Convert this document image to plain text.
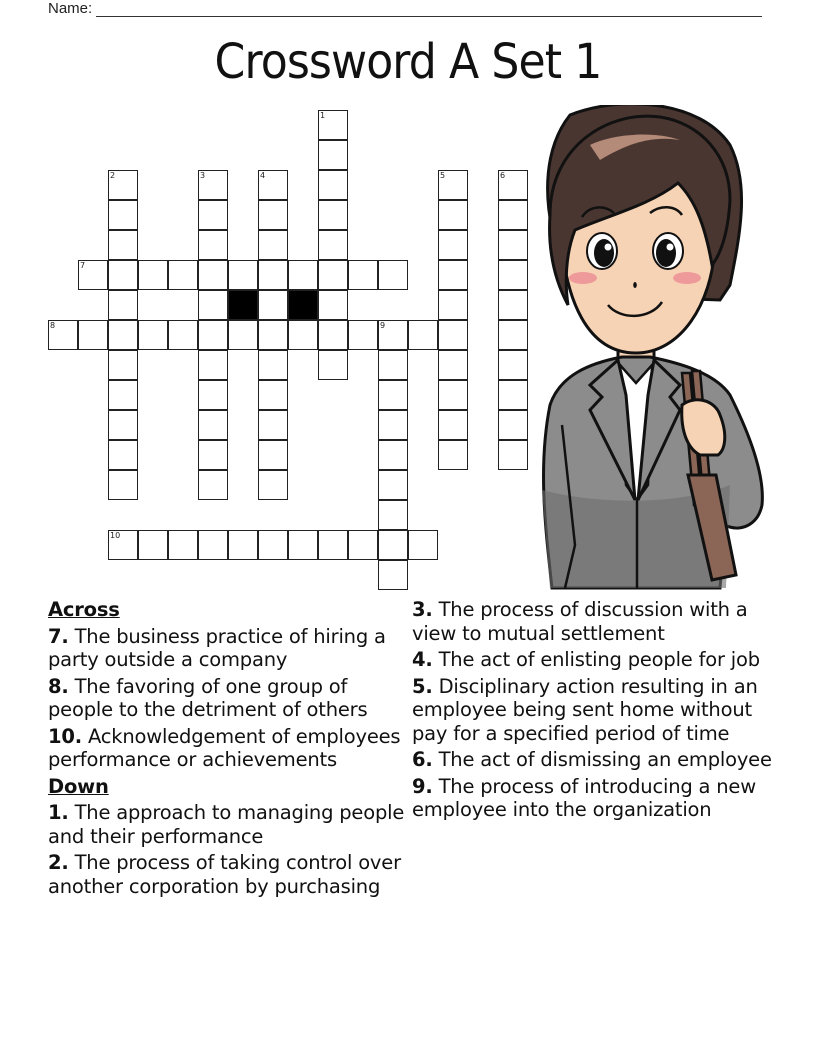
Name:
Crossword A Set 1
1
2	3	4	5	6
7
8	9
10
Across
7. The business practice of hiring a party outside a company
8. The favoring of one group of people to the detriment of others
10. Acknowledgement of employees performance or achievements
Down
1. The approach to managing people and their performance
2. The process of taking control over another corporation by purchasing
3. The process of discussion with a view to mutual settlement
4. The act of enlisting people for job
5. Disciplinary action resulting in an employee being sent home without pay for a specified period of time
6. The act of dismissing an employee
9. The process of introducing a new employee into the organization
